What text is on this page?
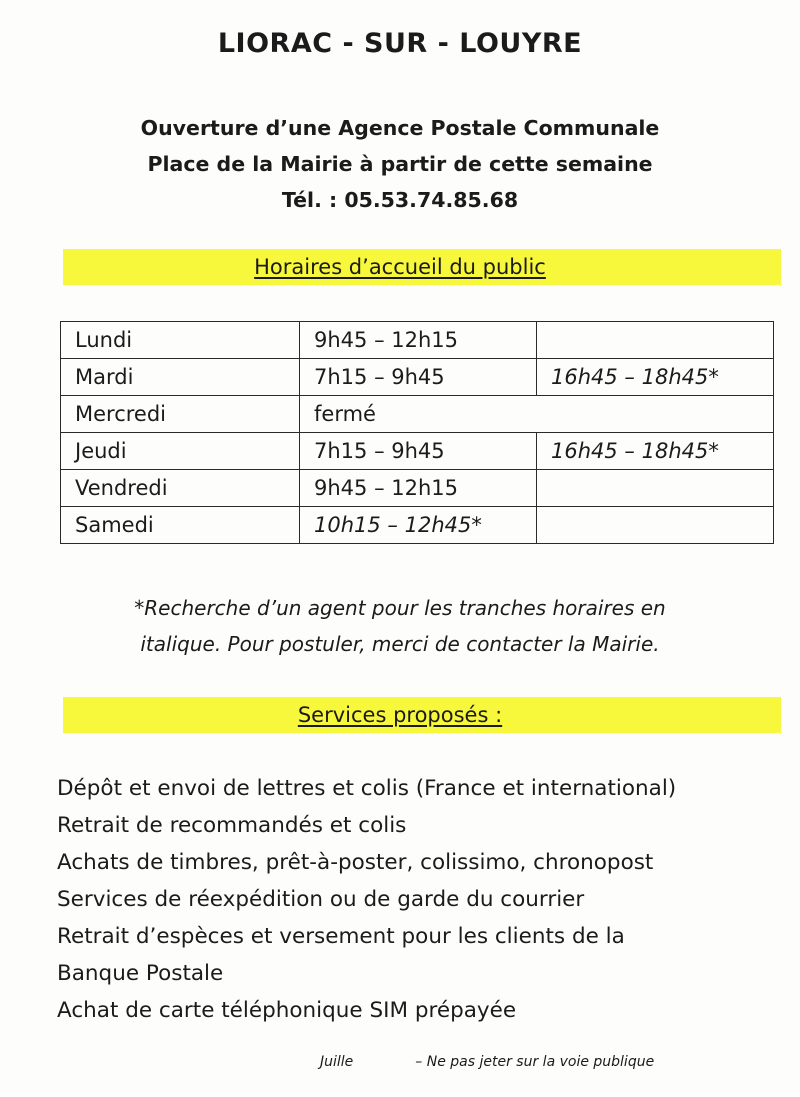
LIORAC - SUR - LOUYRE
Ouverture d’une Agence Postale Communale
Place de la Mairie à partir de cette semaine
Tél. : 05.53.74.85.68
Horaires d’accueil du public
Lundi	9h45 – 12h15	
Mardi	7h15 – 9h45	16h45 – 18h45*
Mercredi	fermé	
Jeudi	7h15 – 9h45	16h45 – 18h45*
Vendredi	9h45 – 12h15	
Samedi	10h15 – 12h45*	
*Recherche d’un agent pour les tranches horaires en
italique. Pour postuler, merci de contacter la Mairie.
Services proposés :
Dépôt et envoi de lettres et colis (France et international)
Retrait de recommandés et colis
Achats de timbres, prêt-à-poster, colissimo, chronopost
Services de réexpédition ou de garde du courrier
Retrait d’espèces et versement pour les clients de la
Banque Postale
Achat de carte téléphonique SIM prépayée
Juille	– Ne pas jeter sur la voie publique
